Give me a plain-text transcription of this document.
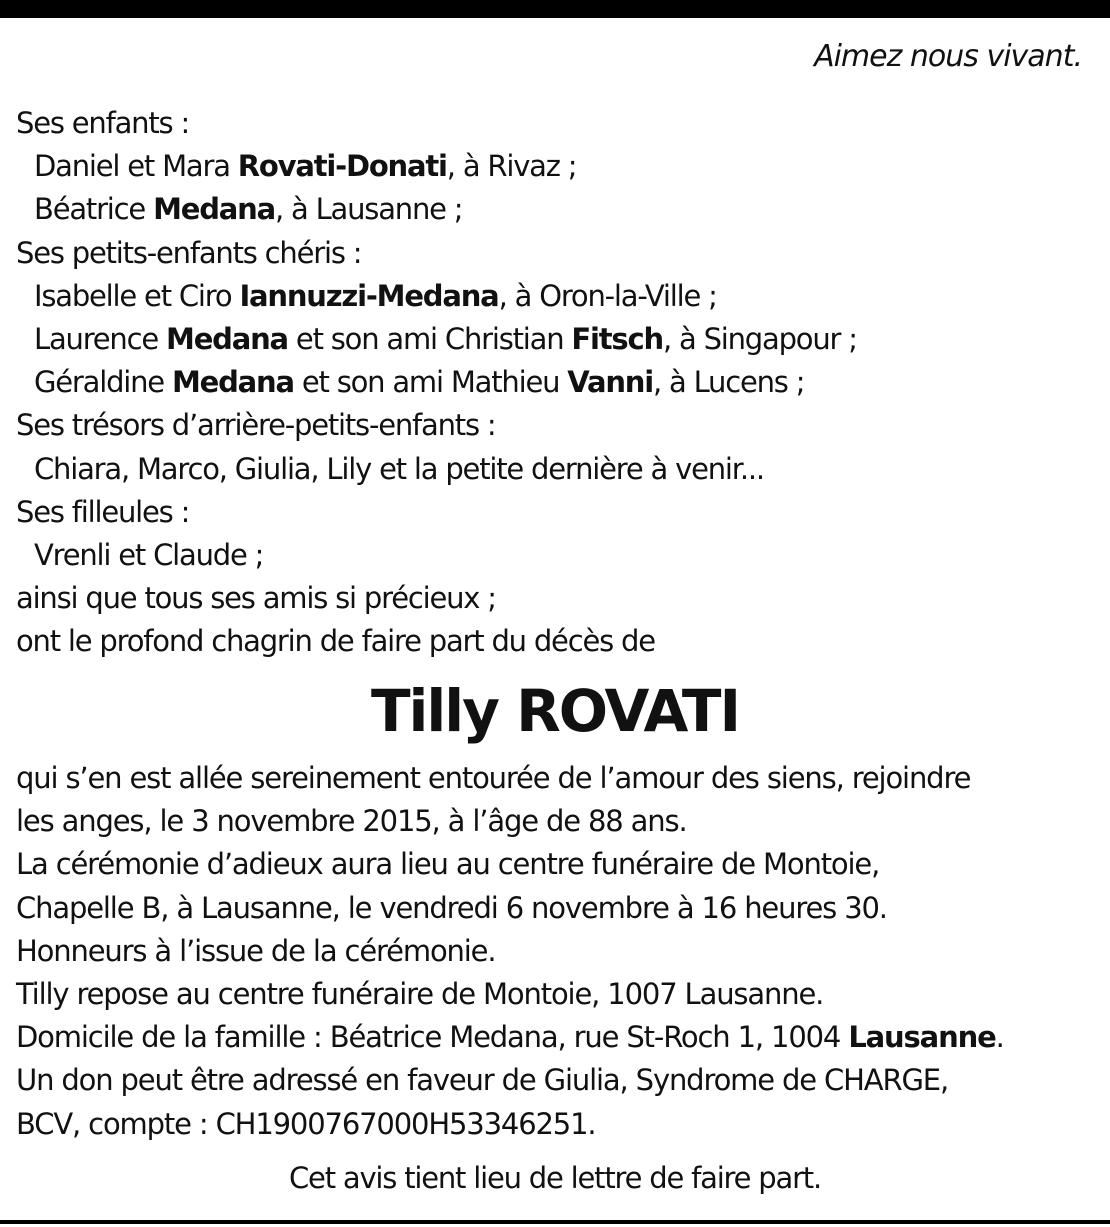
Aimez nous vivant.
Ses enfants :
Daniel et Mara Rovati-Donati, à Rivaz ;
Béatrice Medana, à Lausanne ;
Ses petits-enfants chéris :
Isabelle et Ciro Iannuzzi-Medana, à Oron-la-Ville ;
Laurence Medana et son ami Christian Fitsch, à Singapour ;
Géraldine Medana et son ami Mathieu Vanni, à Lucens ;
Ses trésors d’arrière-petits-enfants :
Chiara, Marco, Giulia, Lily et la petite dernière à venir...
Ses filleules :
Vrenli et Claude ;
ainsi que tous ses amis si précieux ;
ont le profond chagrin de faire part du décès de
Tilly ROVATI
qui s’en est allée sereinement entourée de l’amour des siens, rejoindre
les anges, le 3 novembre 2015, à l’âge de 88 ans.
La cérémonie d’adieux aura lieu au centre funéraire de Montoie,
Chapelle B, à Lausanne, le vendredi 6 novembre à 16 heures 30.
Honneurs à l’issue de la cérémonie.
Tilly repose au centre funéraire de Montoie, 1007 Lausanne.
Domicile de la famille : Béatrice Medana, rue St-Roch 1, 1004 Lausanne.
Un don peut être adressé en faveur de Giulia, Syndrome de CHARGE,
BCV, compte : CH1900767000H53346251.
Cet avis tient lieu de lettre de faire part.
